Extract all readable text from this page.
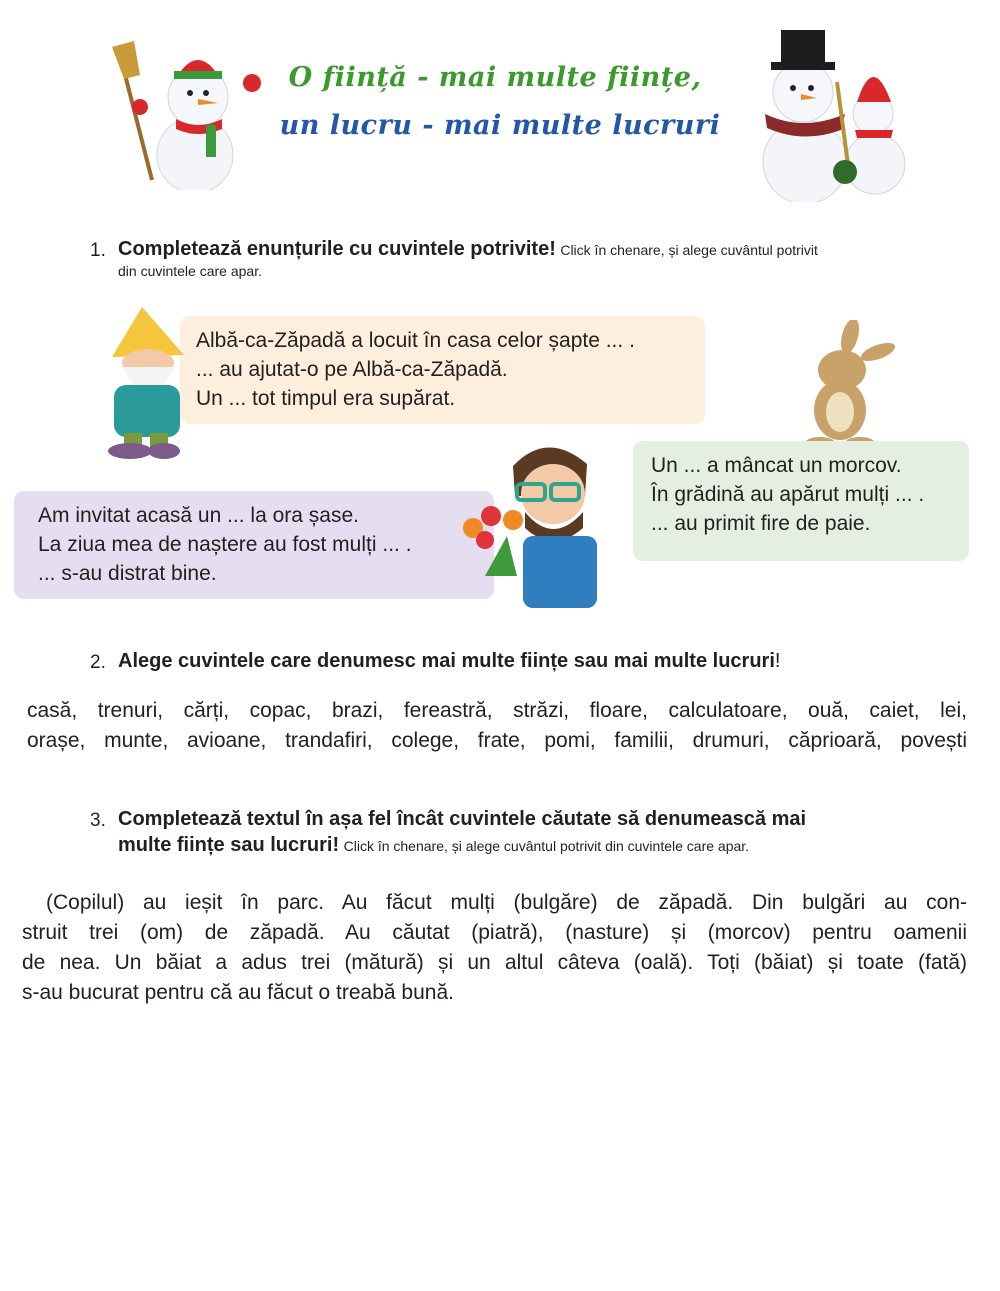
O ființă - mai multe ființe,
un lucru - mai multe lucruri
1. Completează enunțurile cu cuvintele potrivite! Click în chenare, și alege cuvântul potrivit
din cuvintele care apar.
Albă-ca-Zăpadă a locuit în casa celor șapte ... .
... au ajutat-o pe Albă-ca-Zăpadă.
Un ... tot timpul era supărat.
Un ... a mâncat un morcov.
În grădină au apărut mulți ... .
... au primit fire de paie.
Am invitat acasă un ... la ora șase.
La ziua mea de naștere au fost mulți ... .
... s-au distrat bine.
2. Alege cuvintele care denumesc mai multe ființe sau mai multe lucruri!
casă, trenuri, cărți, copac, brazi, fereastră, străzi, floare, calculatoare, ouă, caiet, lei,
orașe, munte, avioane, trandafiri, colege, frate, pomi, familii, drumuri, căprioară, povești
3. Completează textul în așa fel încât cuvintele căutate să denumească mai
multe ființe sau lucruri! Click în chenare, și alege cuvântul potrivit din cuvintele care apar.
(Copilul) au ieșit în parc. Au făcut mulți (bulgăre) de zăpadă. Din bulgări au con-
struit trei (om) de zăpadă. Au căutat (piatră), (nasture) și (morcov) pentru oamenii
de nea. Un băiat a adus trei (mătură) și un altul câteva (oală). Toți (băiat) și toate (fată)
s-au bucurat pentru că au făcut o treabă bună.
